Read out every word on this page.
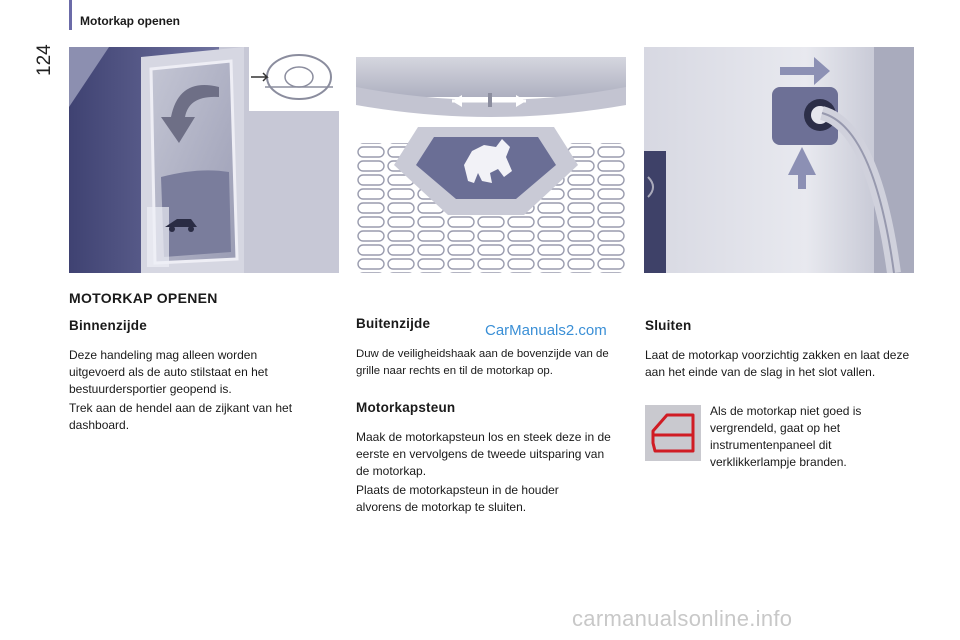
124
Motorkap openen
MOTORKAP OPENEN
Binnenzijde

Deze handeling mag alleen worden uitgevoerd als de auto stilstaat en het bestuurdersportier geopend is.

Trek aan de hendel aan de zijkant van het dashboard.

Buitenzijde	CarManuals2.com

Duw de veiligheidshaak aan de bovenzijde van de grille naar rechts en til de motorkap op.

Motorkapsteun

Maak de motorkapsteun los en steek deze in de eerste en vervolgens de tweede uitsparing van de motorkap.

Plaats de motorkapsteun in de houder alvorens de motorkap te sluiten.

Sluiten

Laat de motorkap voorzichtig zakken en laat deze aan het einde van de slag in het slot vallen.

Als de motorkap niet goed is vergrendeld, gaat op het instrumentenpaneel dit verklikkerlampje branden.

carmanualsonline.info
